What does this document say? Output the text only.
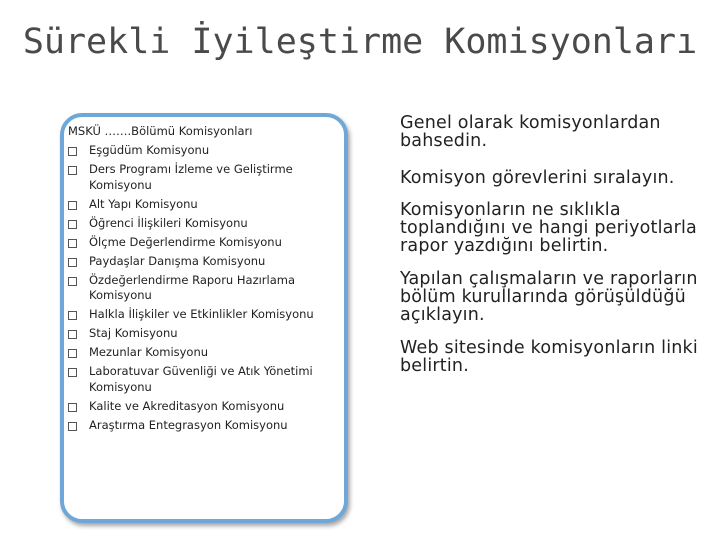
Sürekli İyileştirme Komisyonları
MSKÜ …….Bölümü Komisyonları
Eşgüdüm Komisyonu
Ders Programı İzleme ve Geliştirme Komisyonu
Alt Yapı Komisyonu
Öğrenci İlişkileri Komisyonu
Ölçme Değerlendirme Komisyonu
Paydaşlar Danışma Komisyonu
Özdeğerlendirme Raporu Hazırlama Komisyonu
Halkla İlişkiler ve Etkinlikler Komisyonu
Staj Komisyonu
Mezunlar Komisyonu
Laboratuvar Güvenliği ve Atık Yönetimi Komisyonu
Kalite ve Akreditasyon Komisyonu
Araştırma Entegrasyon Komisyonu

Genel olarak komisyonlardan bahsedin.

Komisyon görevlerini sıralayın.

Komisyonların ne sıklıkla toplandığını ve hangi periyotlarla rapor yazdığını belirtin.

Yapılan çalışmaların ve raporların bölüm kurullarında görüşüldüğü açıklayın.

Web sitesinde komisyonların linki belirtin.
